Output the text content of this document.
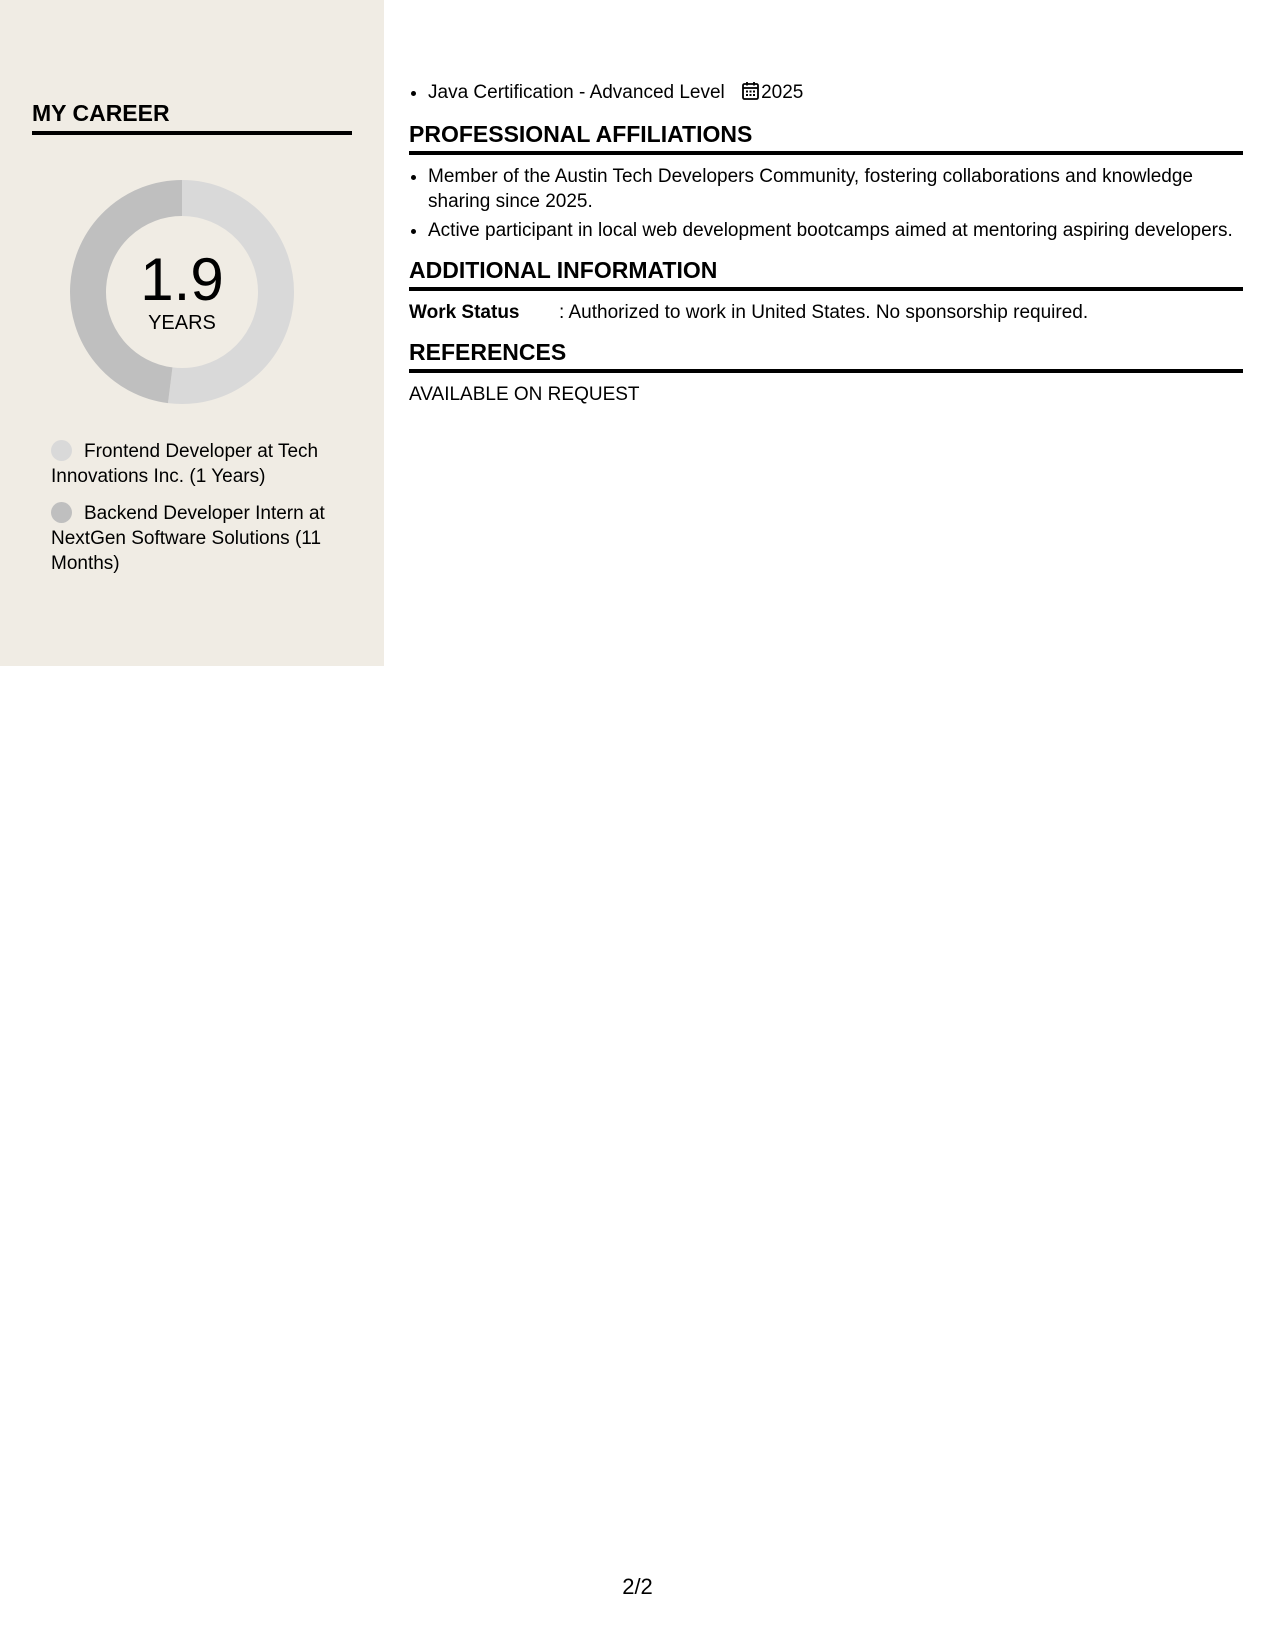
MY CAREER
1.9
YEARS
Frontend Developer at Tech Innovations Inc. (1 Years)
Backend Developer Intern at NextGen Software Solutions (11 Months)
• Java Certification - Advanced Level 2025
PROFESSIONAL AFFILIATIONS
• Member of the Austin Tech Developers Community, fostering collaborations and knowledge sharing since 2025.
• Active participant in local web development bootcamps aimed at mentoring aspiring developers.
ADDITIONAL INFORMATION
Work Status : Authorized to work in United States. No sponsorship required.
REFERENCES
AVAILABLE ON REQUEST
2/2
